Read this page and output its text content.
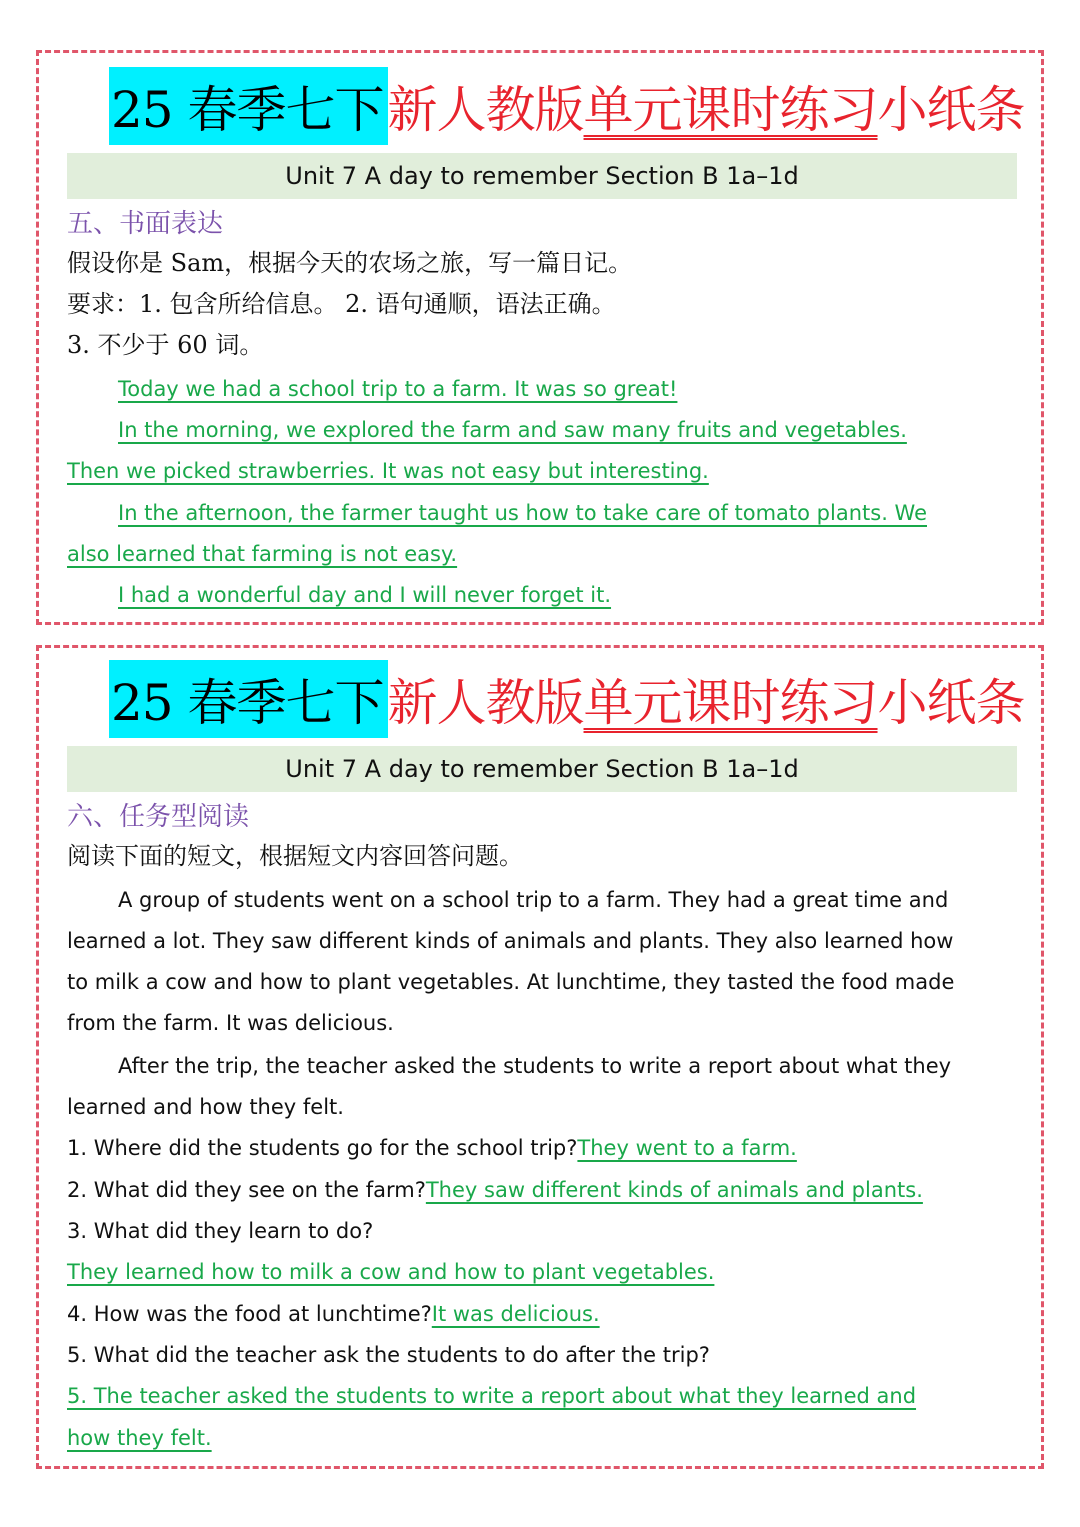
25 春季七下 新人教版 单元课时练习 小纸条
Unit 7 A day to remember Section B 1a–1d
五、书面表达
假设你是 Sam，根据今天的农场之旅，写一篇日记。
要求：1. 包含所给信息。 2. 语句通顺，语法正确。
3. 不少于 60 词。
Today we had a school trip to a farm. It was so great!
In the morning, we explored the farm and saw many fruits and vegetables.
Then we picked strawberries. It was not easy but interesting.
In the afternoon, the farmer taught us how to take care of tomato plants. We
also learned that farming is not easy.
I had a wonderful day and I will never forget it.
25 春季七下 新人教版 单元课时练习 小纸条
Unit 7 A day to remember Section B 1a–1d
六、任务型阅读
阅读下面的短文，根据短文内容回答问题。
A group of students went on a school trip to a farm. They had a great time and
learned a lot. They saw different kinds of animals and plants. They also learned how
to milk a cow and how to plant vegetables. At lunchtime, they tasted the food made
from the farm. It was delicious.
After the trip, the teacher asked the students to write a report about what they
learned and how they felt.
1. Where did the students go for the school trip?They went to a farm.
2. What did they see on the farm?They saw different kinds of animals and plants.
3. What did they learn to do?
They learned how to milk a cow and how to plant vegetables.
4. How was the food at lunchtime?It was delicious.
5. What did the teacher ask the students to do after the trip?
5. The teacher asked the students to write a report about what they learned and
how they felt.
